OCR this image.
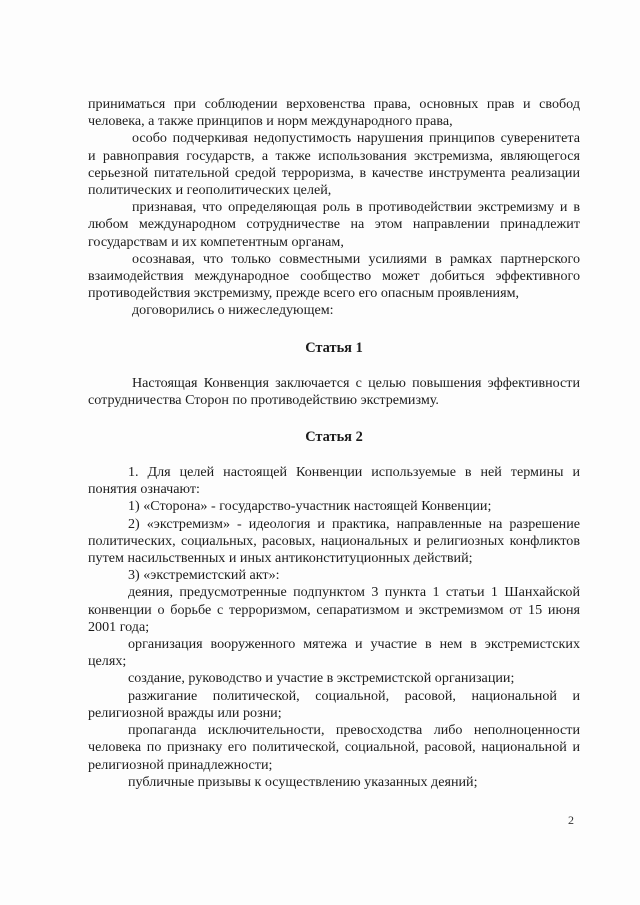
приниматься при соблюдении верховенства права, основных прав и свобод человека, а также принципов и норм международного права,

особо подчеркивая недопустимость нарушения принципов суверенитета и равноправия государств, а также использования экстремизма, являющегося серьезной питательной средой терроризма, в качестве инструмента реализации политических и геополитических целей,

признавая, что определяющая роль в противодействии экстремизму и в любом международном сотрудничестве на этом направлении принадлежит государствам и их компетентным органам,

осознавая, что только совместными усилиями в рамках партнерского взаимодействия международное сообщество может добиться эффективного противодействия экстремизму, прежде всего его опасным проявлениям,

договорились о нижеследующем:

Статья 1

Настоящая Конвенция заключается с целью повышения эффективности сотрудничества Сторон по противодействию экстремизму.

Статья 2

1. Для целей настоящей Конвенции используемые в ней термины и понятия означают:

1) «Сторона» - государство-участник настоящей Конвенции;

2) «экстремизм» - идеология и практика, направленные на разрешение политических, социальных, расовых, национальных и религиозных конфликтов путем насильственных и иных антиконституционных действий;

3) «экстремистский акт»:

деяния, предусмотренные подпунктом 3 пункта 1 статьи 1 Шанхайской конвенции о борьбе с терроризмом, сепаратизмом и экстремизмом от 15 июня 2001 года;

организация вооруженного мятежа и участие в нем в экстремистских целях;

создание, руководство и участие в экстремистской организации;

разжигание политической, социальной, расовой, национальной и религиозной вражды или розни;

пропаганда исключительности, превосходства либо неполноценности человека по признаку его политической, социальной, расовой, национальной и религиозной принадлежности;

публичные призывы к осуществлению указанных деяний;

2
